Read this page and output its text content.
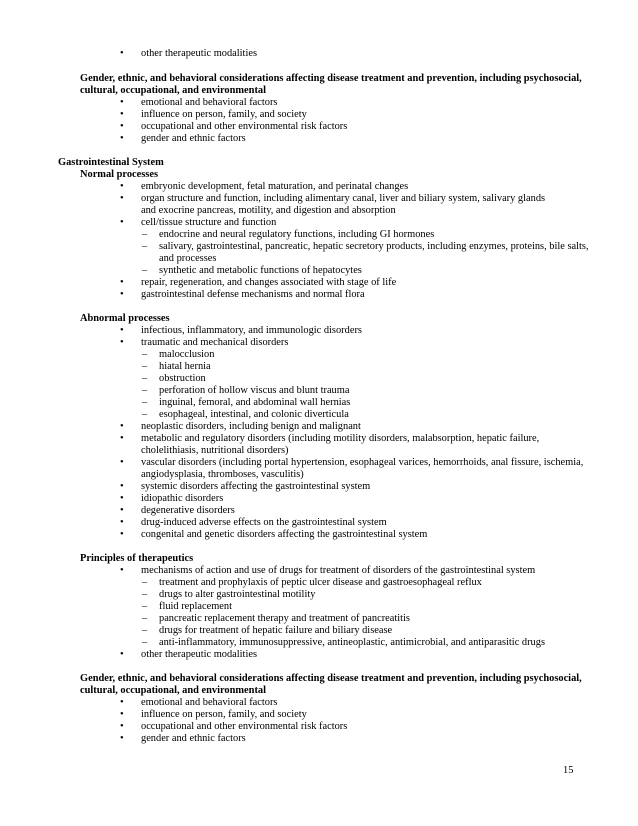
• other therapeutic modalities
Gender, ethnic, and behavioral considerations affecting disease treatment and prevention, including psychosocial,
cultural, occupational, and environmental
• emotional and behavioral factors
• influence on person, family, and society
• occupational and other environmental risk factors
• gender and ethnic factors
Gastrointestinal System
Normal processes
• embryonic development, fetal maturation, and perinatal changes
• organ structure and function, including alimentary canal, liver and biliary system, salivary glands
and exocrine pancreas, motility, and digestion and absorption
• cell/tissue structure and function
– endocrine and neural regulatory functions, including GI hormones
– salivary, gastrointestinal, pancreatic, hepatic secretory products, including enzymes, proteins, bile salts,
and processes
– synthetic and metabolic functions of hepatocytes
• repair, regeneration, and changes associated with stage of life
• gastrointestinal defense mechanisms and normal flora
Abnormal processes
• infectious, inflammatory, and immunologic disorders
• traumatic and mechanical disorders
– malocclusion
– hiatal hernia
– obstruction
– perforation of hollow viscus and blunt trauma
– inguinal, femoral, and abdominal wall hernias
– esophageal, intestinal, and colonic diverticula
• neoplastic disorders, including benign and malignant
• metabolic and regulatory disorders (including motility disorders, malabsorption, hepatic failure,
cholelithiasis, nutritional disorders)
• vascular disorders (including portal hypertension, esophageal varices, hemorrhoids, anal fissure, ischemia,
angiodysplasia, thromboses, vasculitis)
• systemic disorders affecting the gastrointestinal system
• idiopathic disorders
• degenerative disorders
• drug-induced adverse effects on the gastrointestinal system
• congenital and genetic disorders affecting the gastrointestinal system
Principles of therapeutics
• mechanisms of action and use of drugs for treatment of disorders of the gastrointestinal system
– treatment and prophylaxis of peptic ulcer disease and gastroesophageal reflux
– drugs to alter gastrointestinal motility
– fluid replacement
– pancreatic replacement therapy and treatment of pancreatitis
– drugs for treatment of hepatic failure and biliary disease
– anti-inflammatory, immunosuppressive, antineoplastic, antimicrobial, and antiparasitic drugs
• other therapeutic modalities
Gender, ethnic, and behavioral considerations affecting disease treatment and prevention, including psychosocial,
cultural, occupational, and environmental
• emotional and behavioral factors
• influence on person, family, and society
• occupational and other environmental risk factors
• gender and ethnic factors
15
